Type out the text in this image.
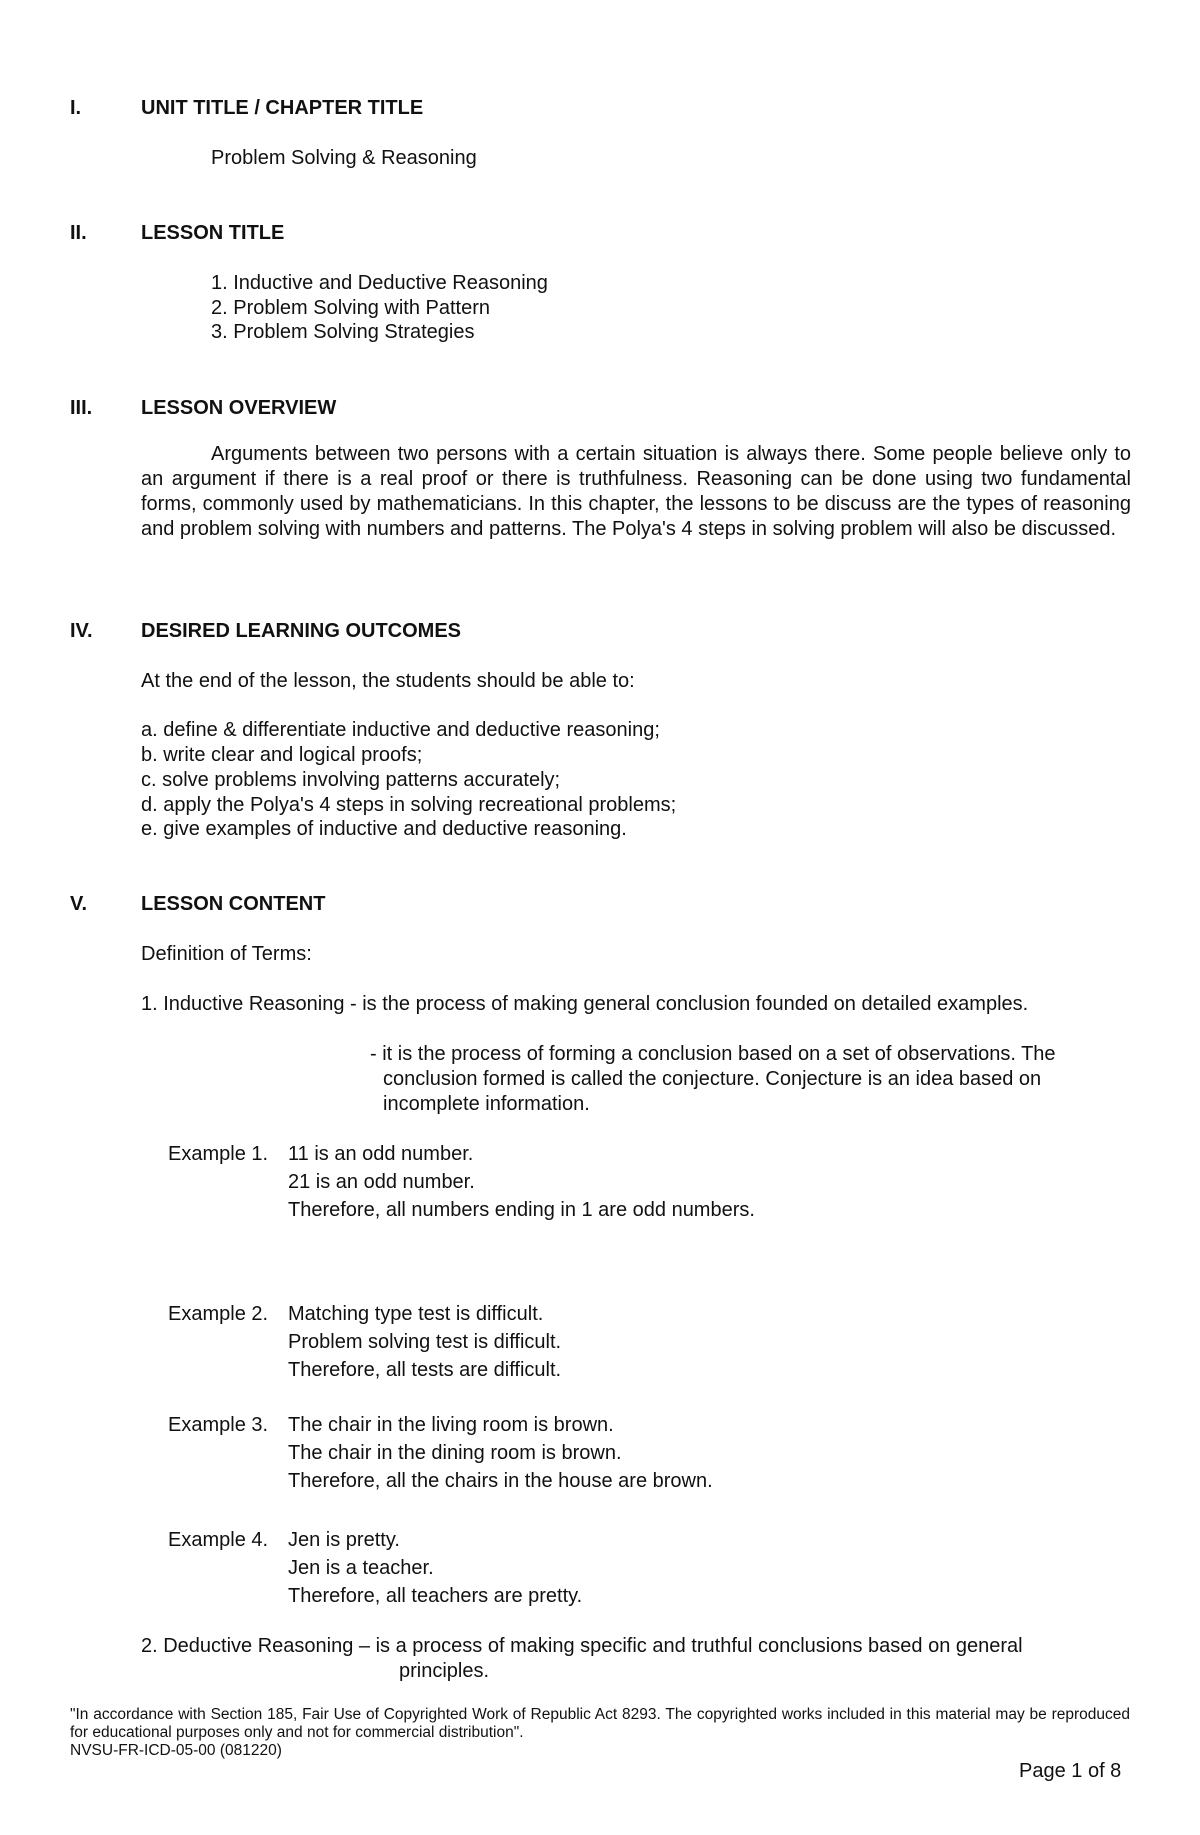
I.	UNIT TITLE / CHAPTER TITLE
Problem Solving & Reasoning
II.	LESSON TITLE
1. Inductive and Deductive Reasoning
2. Problem Solving with Pattern
3. Problem Solving Strategies
III. LESSON OVERVIEW

Arguments between two persons with a certain situation is always there. Some people believe only to an argument if there is a real proof or there is truthfulness. Reasoning can be done using two fundamental forms, commonly used by mathematicians. In this chapter, the lessons to be discuss are the types of reasoning and problem solving with numbers and patterns. The Polya's 4 steps in solving problem will also be discussed.

IV. DESIRED LEARNING OUTCOMES
At the end of the lesson, the students should be able to:
a. define & differentiate inductive and deductive reasoning;
b. write clear and logical proofs;
c. solve problems involving patterns accurately;
d. apply the Polya's 4 steps in solving recreational problems;
e. give examples of inductive and deductive reasoning.
V.	LESSON CONTENT
Definition of Terms:
1. Inductive Reasoning - is the process of making general conclusion founded on detailed examples.
- it is the process of forming a conclusion based on a set of observations. The
conclusion formed is called the conjecture. Conjecture is an idea based on
incomplete information.
Example 1. 11 is an odd number.
21 is an odd number.
Therefore, all numbers ending in 1 are odd numbers.
Example 2. Matching type test is difficult.
Problem solving test is difficult.
Therefore, all tests are difficult.
Example 3. The chair in the living room is brown.
The chair in the dining room is brown.
Therefore, all the chairs in the house are brown.
Example 4. Jen is pretty.
Jen is a teacher.
Therefore, all teachers are pretty.
2. Deductive Reasoning – is a process of making specific and truthful conclusions based on general
principles.
"In accordance with Section 185, Fair Use of Copyrighted Work of Republic Act 8293. The copyrighted works included in this material may be reproduced for educational purposes only and not for commercial distribution".
NVSU-FR-ICD-05-00 (081220)
Page 1 of 8
